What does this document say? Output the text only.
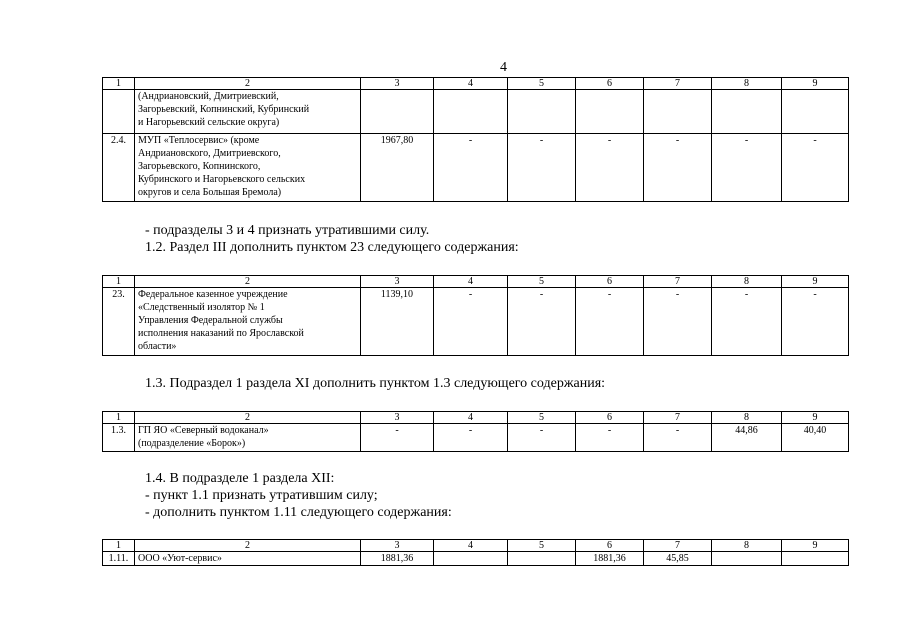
4
1	2	3	4	5	6	7	8	9

	(Андриановский, Дмитриевский,
Загорьевский, Копнинский, Кубринский
и Нагорьевский сельские округа)							

2.4.	МУП «Теплосервис» (кроме
Андриановского, Дмитриевского,
Загорьевского, Копнинского,
Кубринского и Нагорьевского сельских
округов и села Большая Бремола)	1967,80	-	-	-	-	-	-
- подразделы 3 и 4 признать утратившими силу.
1.2. Раздел III дополнить пунктом 23 следующего содержания:
1	2	3	4	5	6	7	8	9
23.	Федеральное казенное учреждение
«Следственный изолятор № 1
Управления Федеральной службы
исполнения наказаний по Ярославской
области»	1139,10	-	-	-	-	-	-
1.3. Подраздел 1 раздела XI дополнить пунктом 1.3 следующего содержания:
1	2	3	4	5	6	7	8	9
1.3.	ГП ЯО «Северный водоканал»
(подразделение «Борок»)	-	-	-	-	-	44,86	40,40
1.4. В подразделе 1 раздела XII:
- пункт 1.1 признать утратившим силу;
- дополнить пунктом 1.11 следующего содержания:
1	2	3	4	5	6	7	8	9
1.11.	ООО «Уют-сервис»	1881,36			1881,36	45,85		
